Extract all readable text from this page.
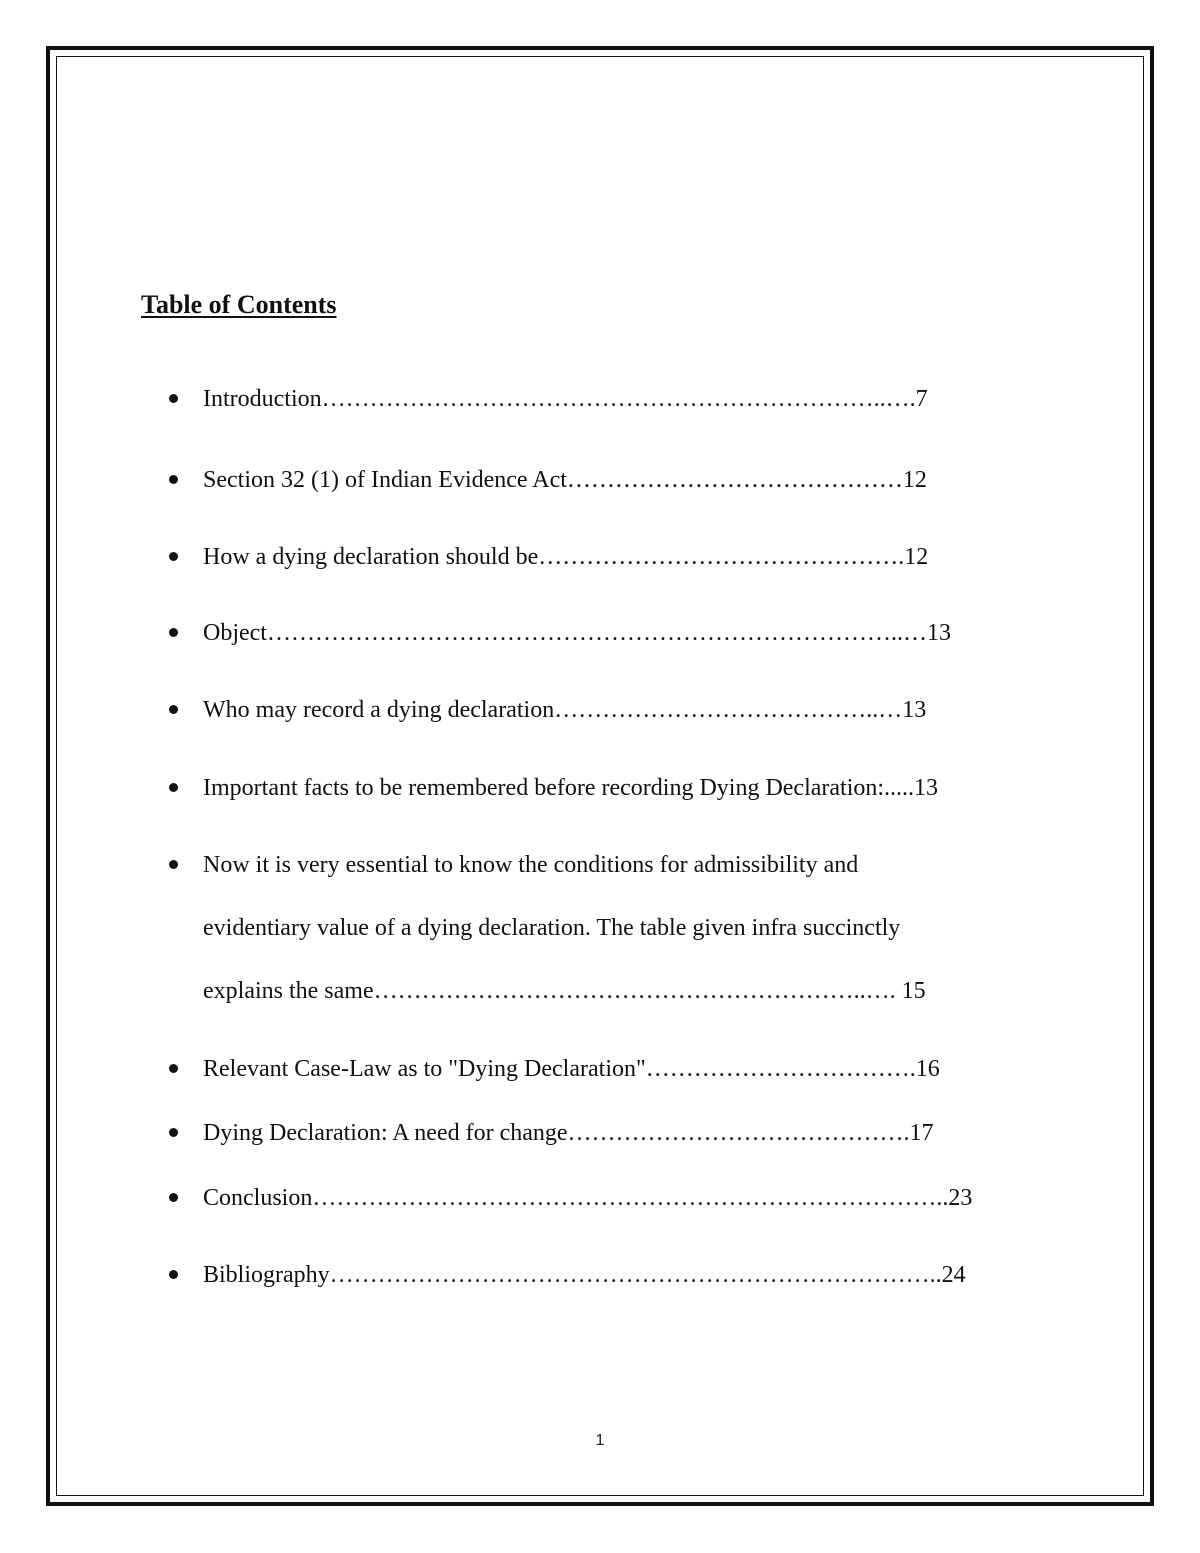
Table of Contents
Introduction……………………………………………………………..….7
Section 32 (1) of Indian Evidence Act……………………………………12
How a dying declaration should be……………………………………….12
Object……………………………………………………………………..…13
Who may record a dying declaration…………………………………..…13
Important facts to be remembered before recording Dying Declaration:.....13
Now it is very essential to know the conditions for admissibility and
evidentiary value of a dying declaration. The table given infra succinctly
explains the same……………………………………………………..…. 15
Relevant Case-Law as to "Dying Declaration"…………………………….16
Dying Declaration: A need for change…………………………………….17
Conclusion……………………………………………………………………..23
Bibliography…………………………………………………………………..24
1
